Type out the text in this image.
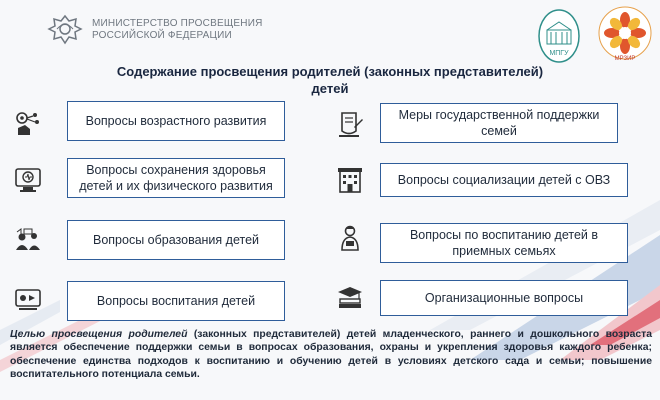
МИНИСТЕРСТВО ПРОСВЕЩЕНИЯ
РОССИЙСКОЙ ФЕДЕРАЦИИ
МПГУ
МРЗИР
Содержание просвещения родителей (законных представителей)
детей
Вопросы возрастного развития
Вопросы сохранения здоровья детей и их физического развития
Вопросы образования детей
Вопросы воспитания детей
Меры государственной поддержки семей
Вопросы социализации детей с ОВЗ
Вопросы по воспитанию детей в приемных семьях
Организационные вопросы
Целью просвещения родителей (законных представителей) детей младенческого, раннего и дошкольного возраста является обеспечение поддержки семьи в вопросах образования, охраны и укрепления здоровья каждого ребенка; обеспечение единства подходов к воспитанию и обучению детей в условиях детского сада и семьи; повышение воспитательного потенциала семьи.
